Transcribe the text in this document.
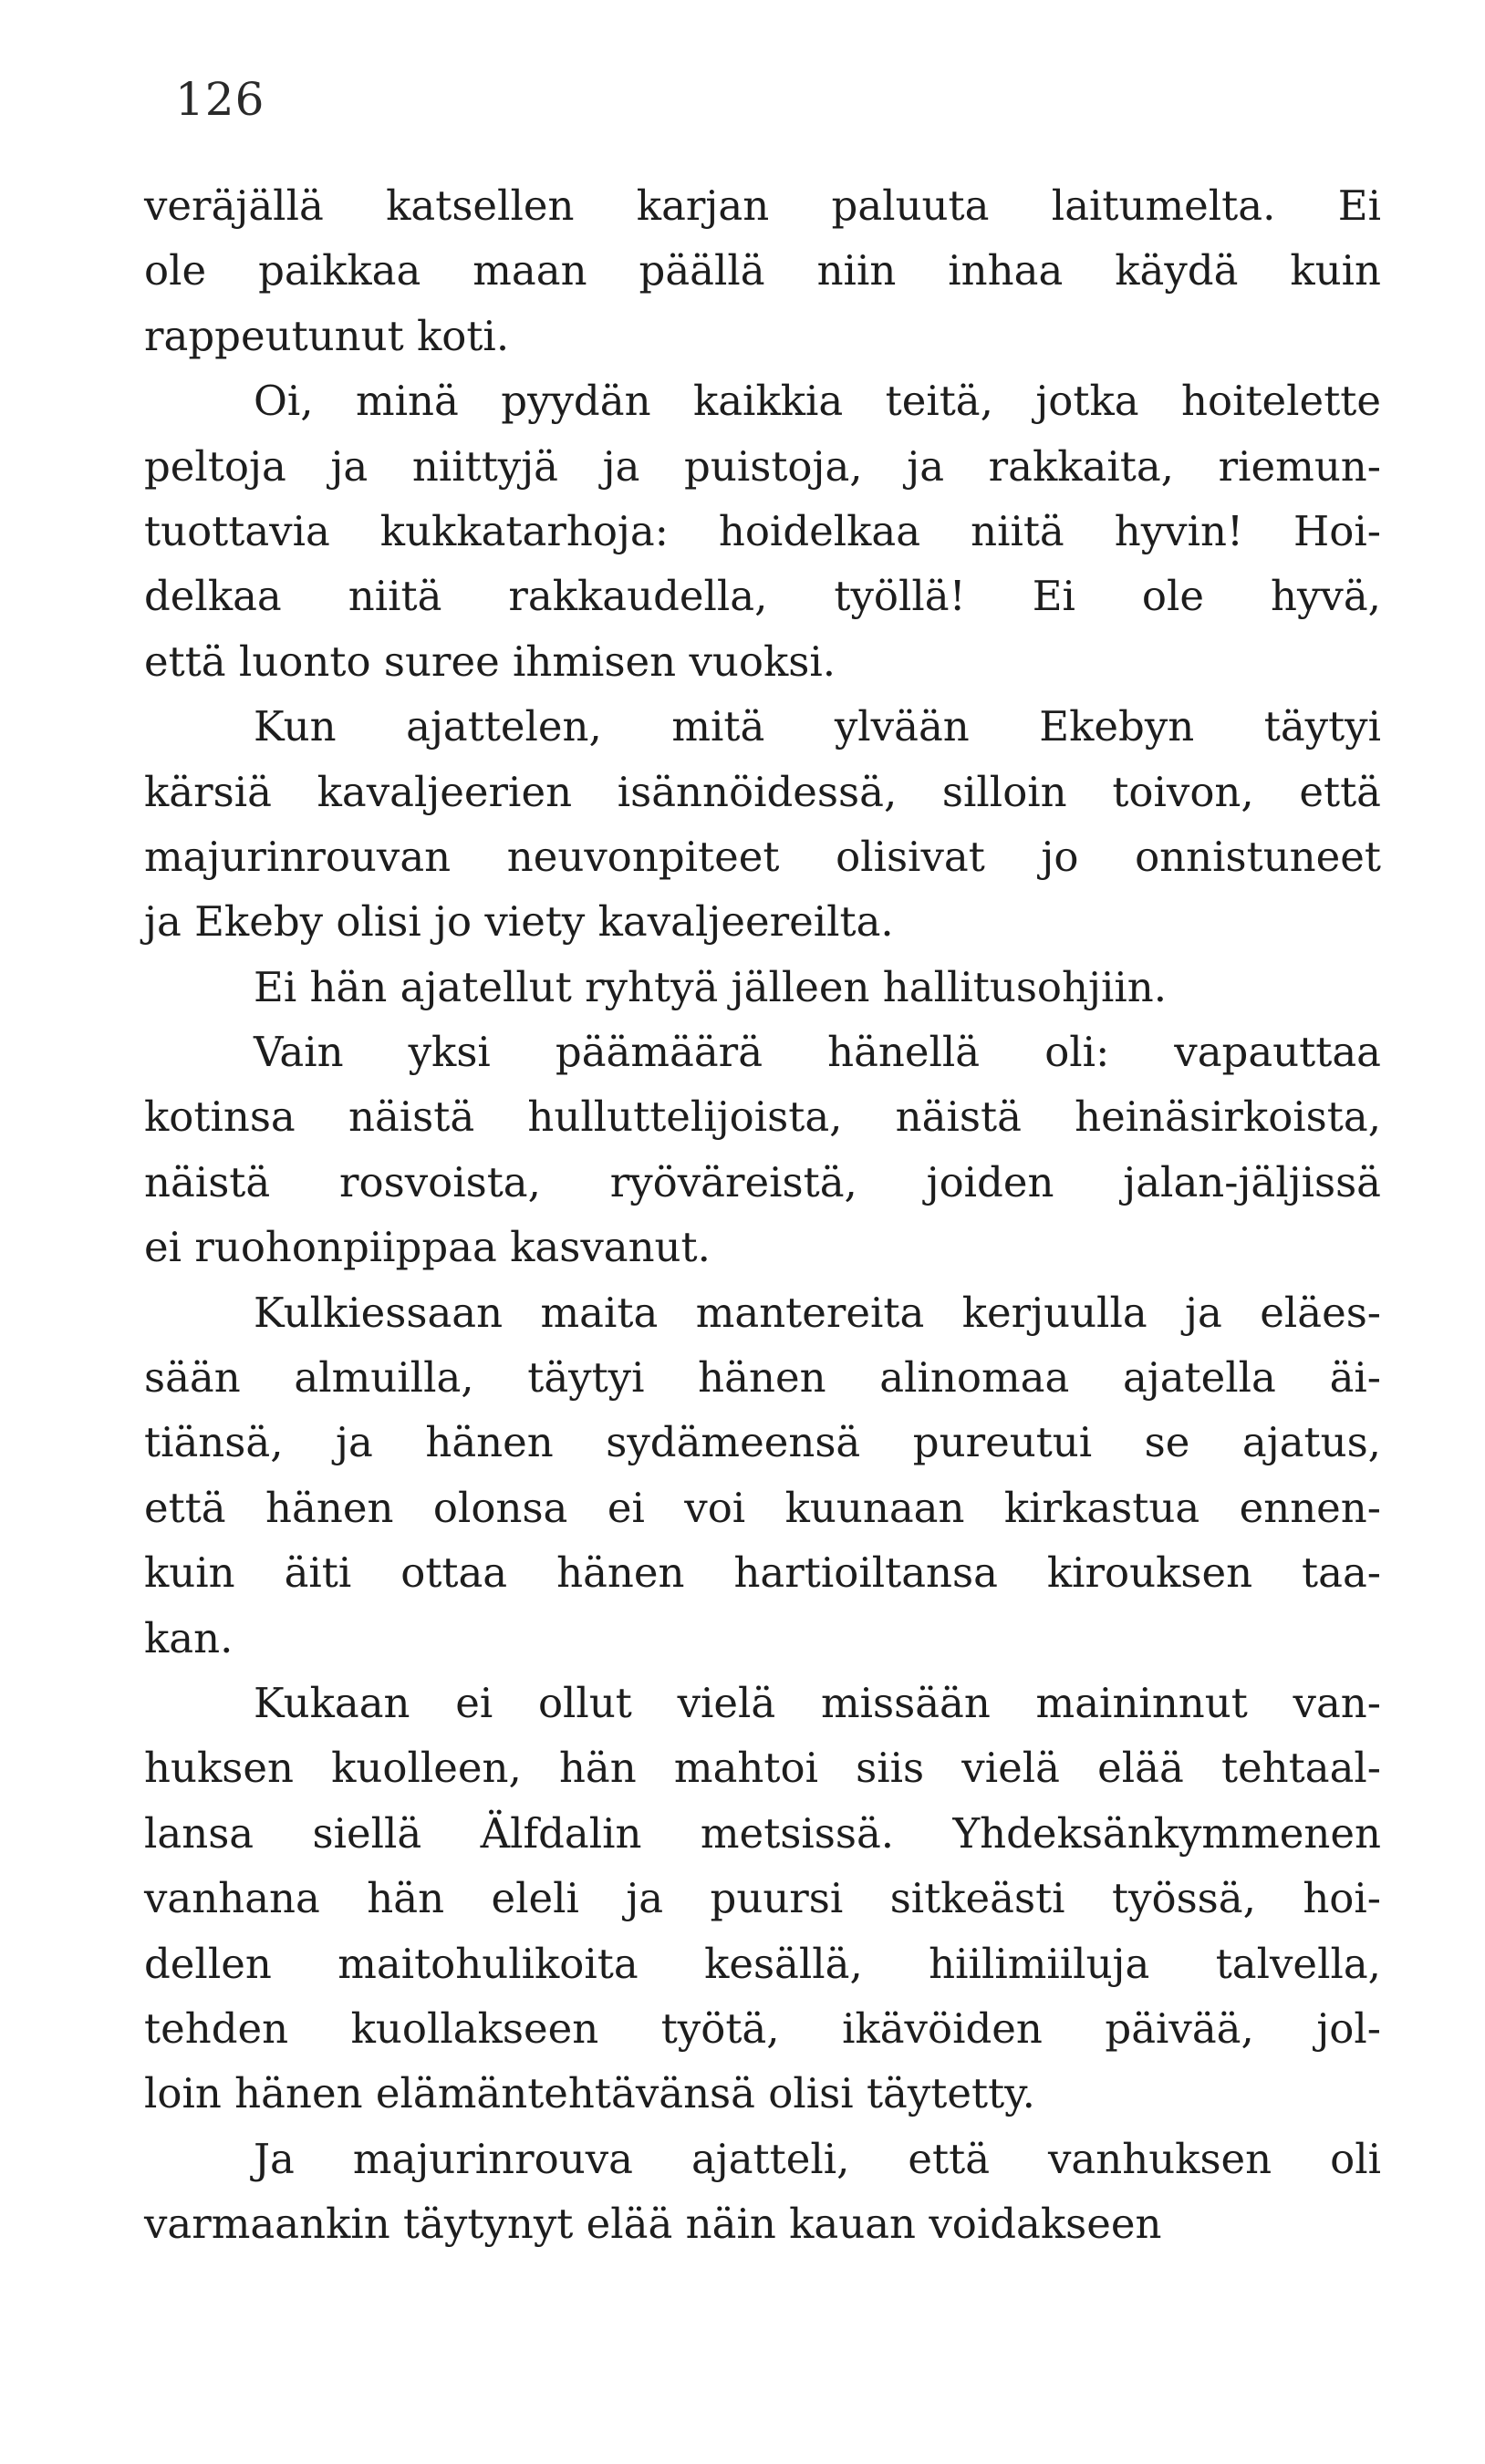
126
veräjällä katsellen karjan paluuta laitumelta. Ei
ole paikkaa maan päällä niin inhaa käydä kuin
rappeutunut koti.
Oi, minä pyydän kaikkia teitä, jotka hoitelette
peltoja ja niittyjä ja puistoja, ja rakkaita, riemun-
tuottavia kukkatarhoja: hoidelkaa niitä hyvin! Hoi-
delkaa niitä rakkaudella, työllä! Ei ole hyvä,
että luonto suree ihmisen vuoksi.
Kun ajattelen, mitä ylvään Ekebyn täytyi
kärsiä kavaljeerien isännöidessä, silloin toivon, että
majurinrouvan neuvonpiteet olisivat jo onnistuneet
ja Ekeby olisi jo viety kavaljeereilta.
Ei hän ajatellut ryhtyä jälleen hallitusohjiin.
Vain yksi päämäärä hänellä oli: vapauttaa
kotinsa näistä hulluttelijoista, näistä heinäsirkoista,
näistä rosvoista, ryöväreistä, joiden jalan-jäljissä
ei ruohonpiippaa kasvanut.
Kulkiessaan maita mantereita kerjuulla ja eläes-
sään almuilla, täytyi hänen alinomaa ajatella äi-
tiänsä, ja hänen sydämeensä pureutui se ajatus,
että hänen olonsa ei voi kuunaan kirkastua ennen-
kuin äiti ottaa hänen hartioiltansa kirouksen taa-
kan.
Kukaan ei ollut vielä missään maininnut van-
huksen kuolleen, hän mahtoi siis vielä elää tehtaal-
lansa siellä Älfdalin metsissä. Yhdeksänkymmenen
vanhana hän eleli ja puursi sitkeästi työssä, hoi-
dellen maitohulikoita kesällä, hiilimiiluja talvella,
tehden kuollakseen työtä, ikävöiden päivää, jol-
loin hänen elämäntehtävänsä olisi täytetty.
Ja majurinrouva ajatteli, että vanhuksen oli
varmaankin täytynyt elää näin kauan voidakseen
